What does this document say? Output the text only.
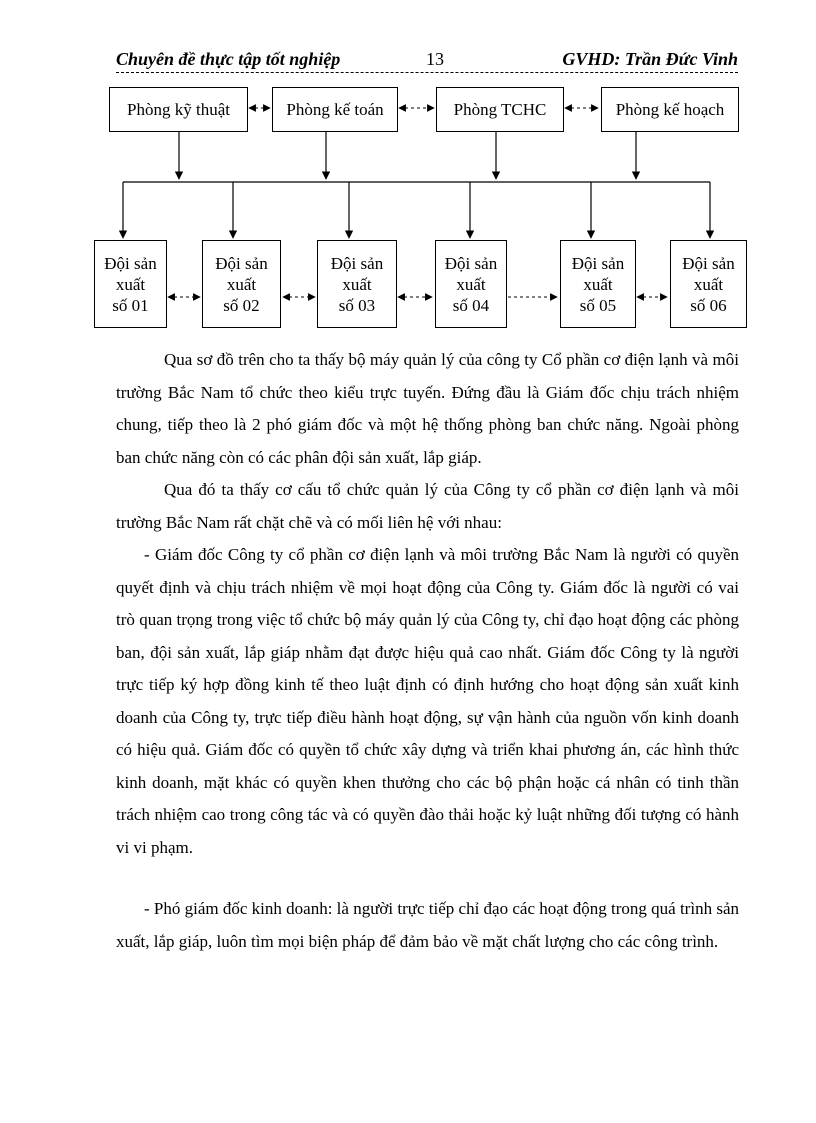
Chuyên đề thực tập tốt nghiệp	13	GVHD: Trần Đức Vinh
Phòng kỹ thuật	Phòng kế toán	Phòng TCHC	Phòng kế hoạch
Đội sản
xuất
số 01
Đội sản
xuất
số 02
Đội sản
xuất
số 03
Đội sản
xuất
số 04
Đội sản
xuất
số 05
Đội sản
xuất
số 06

Qua sơ đồ trên cho ta thấy bộ máy quản lý của công ty Cổ phần cơ điện lạnh và môi trường Bắc Nam tổ chức theo kiểu trực tuyến. Đứng đầu là Giám đốc chịu trách nhiệm chung, tiếp theo là 2 phó giám đốc và một hệ thống phòng ban chức năng. Ngoài phòng ban chức năng còn có các phân đội sản xuất, lắp giáp.

Qua đó ta thấy cơ cấu tổ chức quản lý của Công ty cổ phần cơ điện lạnh và môi trường Bắc Nam rất chặt chẽ và có mối liên hệ với nhau:

- Giám đốc Công ty cổ phần cơ điện lạnh và môi trường Bắc Nam là người có quyền quyết định và chịu trách nhiệm về mọi hoạt động của Công ty. Giám đốc là người có vai trò quan trọng trong việc tổ chức bộ máy quản lý của Công ty, chỉ đạo hoạt động các phòng ban, đội sản xuất, lắp giáp nhằm đạt được hiệu quả cao nhất. Giám đốc Công ty là người trực tiếp ký hợp đồng kinh tế theo luật định có định hướng cho hoạt động sản xuất kinh doanh của Công ty, trực tiếp điều hành hoạt động, sự vận hành của nguồn vốn kinh doanh có hiệu quả. Giám đốc có quyền tổ chức xây dựng và triển khai phương án, các hình thức kinh doanh, mặt khác có quyền khen thưởng cho các bộ phận hoặc cá nhân có tinh thần trách nhiệm cao trong công tác và có quyền đào thải hoặc kỷ luật những đối tượng có hành vi vi phạm.

- Phó giám đốc kinh doanh: là người trực tiếp chỉ đạo các hoạt động trong quá trình sản xuất, lắp giáp, luôn tìm mọi biện pháp để đảm bảo về mặt chất lượng cho các công trình.
